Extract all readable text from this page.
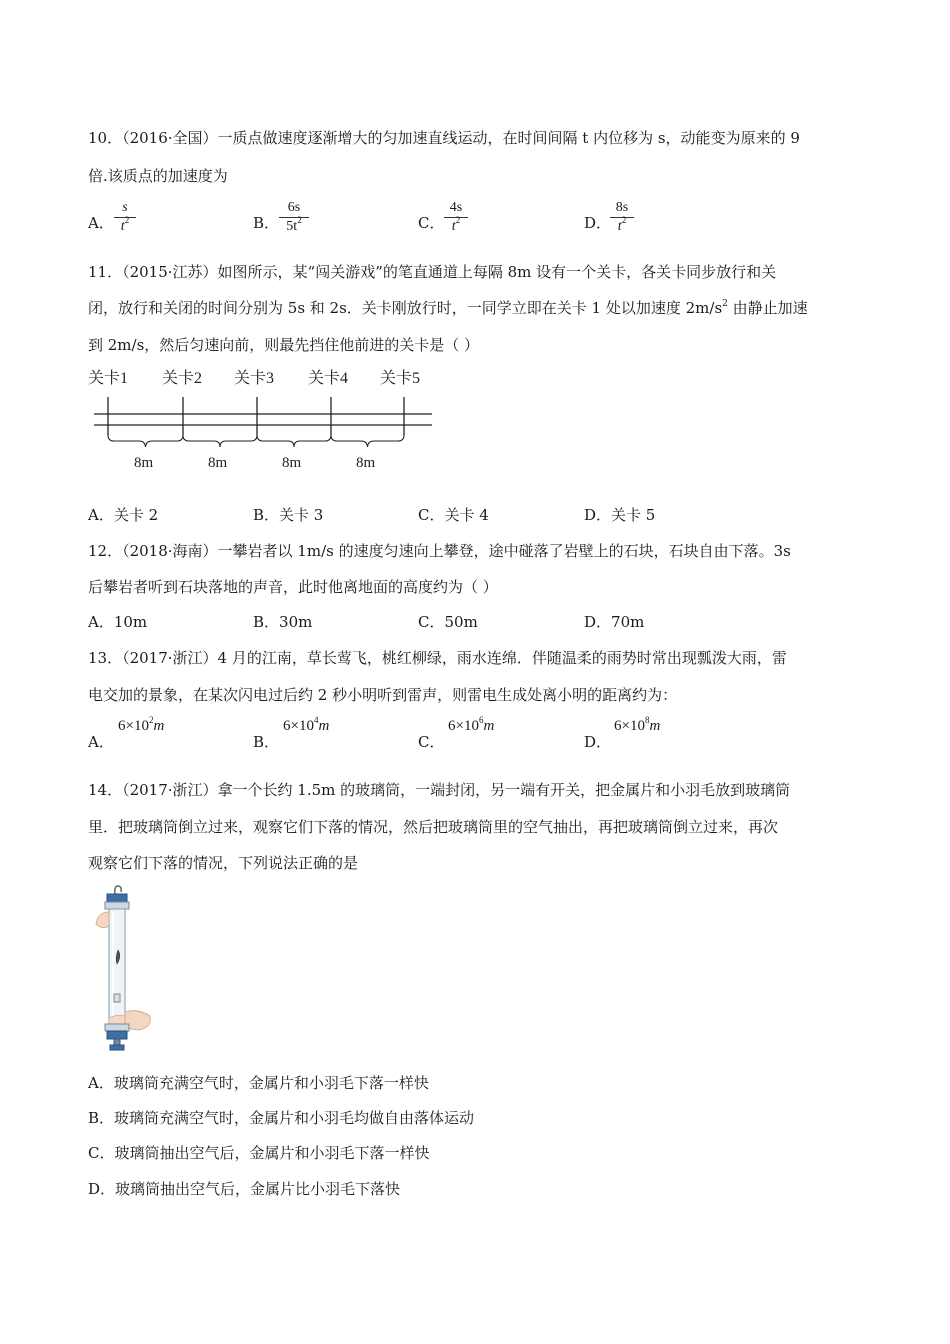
10．（2016·全国）一质点做速度逐渐增大的匀加速直线运动，在时间间隔 t 内位移为 s，动能变为原来的 9
倍.该质点的加速度为
A．
s
$t^2$	B．
6s
$5t^2$	C．
4s
$t^2$	D．
8s
$t^2$
11．（2015·江苏）如图所示，某“闯关游戏”的笔直通道上每隔 8m 设有一个关卡，各关卡同步放行和关
闭，放行和关闭的时间分别为 5s 和 2s．关卡刚放行时，一同学立即在关卡 1 处以加速度 $2m/s^2$ 由静止加速
到 2m/s，然后匀速向前，则最先挡住他前进的关卡是（ ）
关卡1 关卡2 关卡3 关卡4 关卡5
8m	8m	8m	8m
A．关卡 2	B．关卡 3	C．关卡 4	D．关卡 5
12．（2018·海南）一攀岩者以 1m/s 的速度匀速向上攀登，途中碰落了岩壁上的石块，石块自由下落。3s
后攀岩者听到石块落地的声音，此时他离地面的高度约为（ ）
A．10m	B．30m	C．50m	D．70m
13．（2017·浙江）4 月的江南，草长莺飞，桃红柳绿，雨水连绵．伴随温柔的雨势时常出现瓢泼大雨，雷
电交加的景象，在某次闪电过后约 2 秒小明听到雷声，则雷电生成处离小明的距离约为：
A．
$6\times 10^2m$
B．
$6\times 10^4m$
C．
$6\times 10^6m$
D．
$6\times 10^8m$
14．（2017·浙江）拿一个长约 1.5m 的玻璃筒，一端封闭，另一端有开关，把金属片和小羽毛放到玻璃筒
里．把玻璃筒倒立过来，观察它们下落的情况，然后把玻璃筒里的空气抽出，再把玻璃筒倒立过来，再次
观察它们下落的情况，下列说法正确的是
A．玻璃筒充满空气时，金属片和小羽毛下落一样快
B．玻璃筒充满空气时，金属片和小羽毛均做自由落体运动
C．玻璃筒抽出空气后，金属片和小羽毛下落一样快
D．玻璃筒抽出空气后，金属片比小羽毛下落快
